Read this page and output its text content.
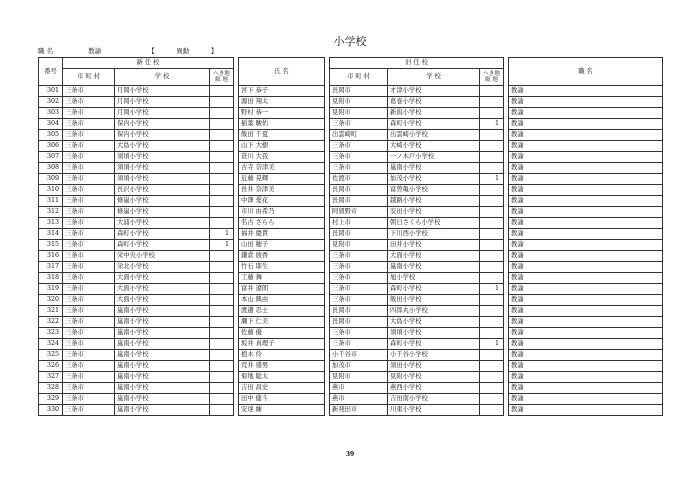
小学校
職 名	教諭	【	異動	】
番号	新 任 校				氏 名		旧 任 校				職 名
	市 町 村	学 校	へき地
級 地				市 町 村	学 校	へき地
級 地		

301	三条市	月岡小学校			宮下 恭子		長岡市	才津小学校			教諭
302	三条市	月岡小学校			源田 翔太		見附市	葛巻小学校			教諭
303	三条市	月岡小学校			野村 恭一		見附市	新潟小学校			教諭
304	三条市	保内小学校			稲葉 駿佑		三条市	森町小学校	1		教諭
305	三条市	保内小学校			飯田 千夏		出雲崎町	出雲崎小学校			教諭
306	三条市	大島小学校			山下 大樹		三条市	大崎小学校			教諭
307	三条市	須頃小学校			笹川 大我		三条市	一ノ木戸小学校			教諭
308	三条市	須頃小学校			古寺 奈津美		三条市	嵐南小学校			教諭
309	三条市	須頃小学校			近藤 晃輝		佐渡市	加茂小学校	1		教諭
310	三条市	長沢小学校			長井 奈津美		長岡市	富曽亀小学校			教諭
311	三条市	條嵐小学校			中澤 愛花		長岡市	越路小学校			教諭
312	三条市	條嵐小学校			市川 由希乃		阿賀野市	安田小学校			教諭
313	三条市	大浦小学校			名古 さらら		村上市	朝日さくら小学校			教諭
314	三条市	森町小学校	1		福井 慶貴		長岡市	下川西小学校			教諭
315	三条市	森町小学校	1		山田 穂子		見附市	田井小学校			教諭
316	三条市	栄中央小学校			鎌倉 綾香		三条市	大面小学校			教諭
317	三条市	栄北小学校			竹石 耶生		三条市	嵐南小学校			教諭
318	三条市	大面小学校			工藤 舞		三条市	旭小学校			教諭
319	三条市	大面小学校			富井 遼朗		三条市	森町小学校	1		教諭
320	三条市	大面小学校			本山 興由		三条市	飯田小学校			教諭
321	三条市	嵐南小学校			渡邉 忍士		長岡市	四郎丸小学校			教諭
322	三条市	嵐南小学校			瀬下 仁美		長岡市	大島小学校			教諭
323	三条市	嵐南小学校			佐藤 優		三条市	須頃小学校			教諭
324	三条市	嵐南小学校			坂井 真理子		三条市	森町小学校	1		教諭
325	三条市	嵐南小学校			植木 伶		小千谷市	小千谷小学校			教諭
326	三条市	嵐南小学校			荒井 盛男		加茂市	須田小学校			教諭
327	三条市	嵐南小学校			菊地 聡太		見附市	見附小学校			教諭
328	三条市	嵐南小学校			吉田 昌史		燕市	燕西小学校			教諭
329	三条市	嵐南小学校			田中 健斗		燕市	吉田南小学校			教諭
330	三条市	嵐南小学校			安達 練		新発田市	川東小学校			教諭
39
